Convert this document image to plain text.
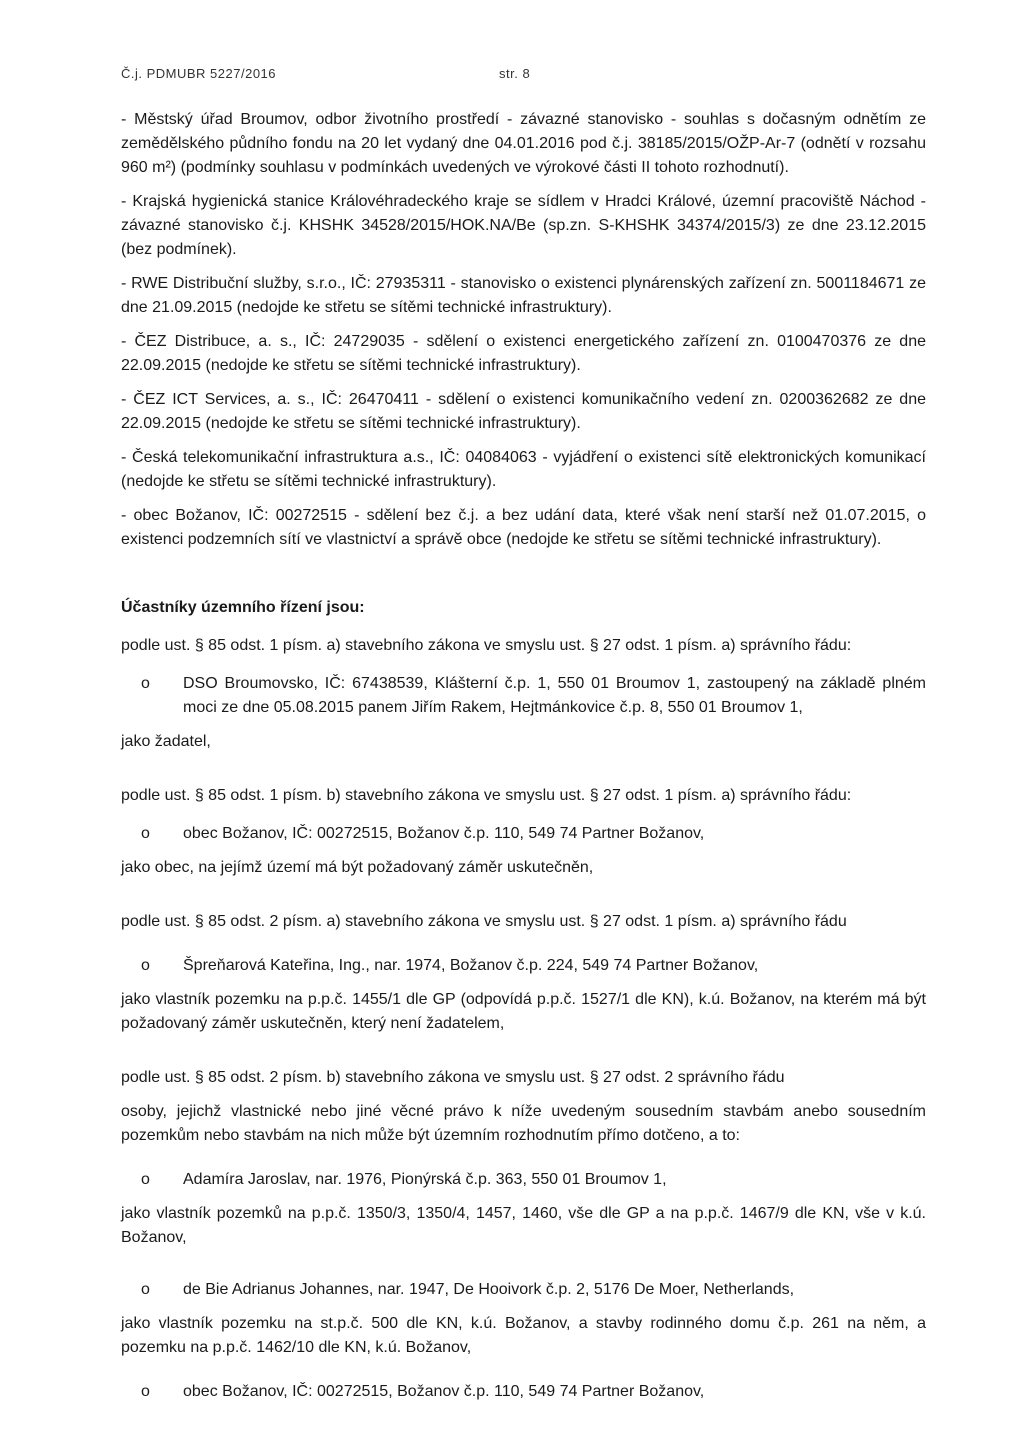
Č.j. PDMUBR 5227/2016	str. 8

- Městský úřad Broumov, odbor životního prostředí - závazné stanovisko - souhlas s dočasným odnětím ze zemědělského půdního fondu na 20 let vydaný dne 04.01.2016 pod č.j. 38185/2015/OŽP-Ar-7 (odnětí v rozsahu 960 m²) (podmínky souhlasu v podmínkách uvedených ve výrokové části II tohoto rozhodnutí).

- Krajská hygienická stanice Královéhradeckého kraje se sídlem v Hradci Králové, územní pracoviště Náchod - závazné stanovisko č.j. KHSHK 34528/2015/HOK.NA/Be (sp.zn. S-KHSHK 34374/2015/3) ze dne 23.12.2015 (bez podmínek).

- RWE Distribuční služby, s.r.o., IČ: 27935311 - stanovisko o existenci plynárenských zařízení zn. 5001184671 ze dne 21.09.2015 (nedojde ke střetu se sítěmi technické infrastruktury).

- ČEZ Distribuce, a. s., IČ: 24729035 - sdělení o existenci energetického zařízení zn. 0100470376 ze dne 22.09.2015 (nedojde ke střetu se sítěmi technické infrastruktury).

- ČEZ ICT Services, a. s., IČ: 26470411 - sdělení o existenci komunikačního vedení zn. 0200362682 ze dne 22.09.2015 (nedojde ke střetu se sítěmi technické infrastruktury).

- Česká telekomunikační infrastruktura a.s., IČ: 04084063 - vyjádření o existenci sítě elektronických komunikací (nedojde ke střetu se sítěmi technické infrastruktury).

- obec Božanov, IČ: 00272515 - sdělení bez č.j. a bez udání data, které však není starší než 01.07.2015, o existenci podzemních sítí ve vlastnictví a správě obce (nedojde ke střetu se sítěmi technické infrastruktury).

Účastníky územního řízení jsou:

podle ust. § 85 odst. 1 písm. a) stavebního zákona ve smyslu ust. § 27 odst. 1 písm. a) správního řádu:

o	DSO Broumovsko, IČ: 67438539, Klášterní č.p. 1, 550 01 Broumov 1, zastoupený na základě plném moci ze dne 05.08.2015 panem Jiřím Rakem, Hejtmánkovice č.p. 8, 550 01 Broumov 1,

jako žadatel,

podle ust. § 85 odst. 1 písm. b) stavebního zákona ve smyslu ust. § 27 odst. 1 písm. a) správního řádu:

o	obec Božanov, IČ: 00272515, Božanov č.p. 110, 549 74 Partner Božanov,

jako obec, na jejímž území má být požadovaný záměr uskutečněn,

podle ust. § 85 odst. 2 písm. a) stavebního zákona ve smyslu ust. § 27 odst. 1 písm. a) správního řádu

o	Špreňarová Kateřina, Ing., nar. 1974, Božanov č.p. 224, 549 74 Partner Božanov,

jako vlastník pozemku na p.p.č. 1455/1 dle GP (odpovídá p.p.č. 1527/1 dle KN), k.ú. Božanov, na kterém má být požadovaný záměr uskutečněn, který není žadatelem,

podle ust. § 85 odst. 2 písm. b) stavebního zákona ve smyslu ust. § 27 odst. 2 správního řádu

osoby, jejichž vlastnické nebo jiné věcné právo k níže uvedeným sousedním stavbám anebo sousedním pozemkům nebo stavbám na nich může být územním rozhodnutím přímo dotčeno, a to:

o	Adamíra Jaroslav, nar. 1976, Pionýrská č.p. 363, 550 01 Broumov 1,

jako vlastník pozemků na p.p.č. 1350/3, 1350/4, 1457, 1460, vše dle GP a na p.p.č. 1467/9 dle KN, vše v k.ú. Božanov,

o	de Bie Adrianus Johannes, nar. 1947, De Hooivork č.p. 2, 5176 De Moer, Netherlands,

jako vlastník pozemku na st.p.č. 500 dle KN, k.ú. Božanov, a stavby rodinného domu č.p. 261 na něm, a pozemku na p.p.č. 1462/10 dle KN, k.ú. Božanov,

o	obec Božanov, IČ: 00272515, Božanov č.p. 110, 549 74 Partner Božanov,
